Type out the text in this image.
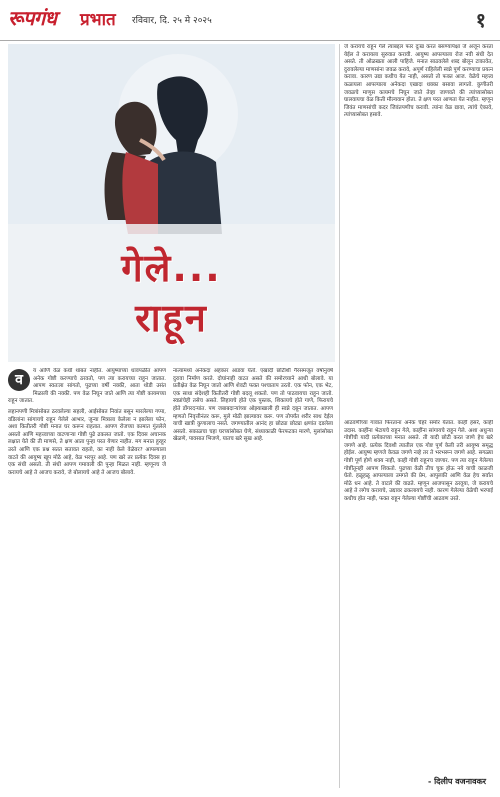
रूपगंध प्रभात रविवार, दि. २५ मे २०२५	१
गेले...
राहून

व
य आणि वेळ कधी थांबत नाहीत. आयुष्याच्या धावपळीत आपण अनेक गोष्टी करण्याचे ठरवतो, पण त्या करायच्या राहून जातात. आपण स्वतःला सांगतो, पुढच्या वर्षी नक्की, आता थोडी उसंत मिळाली की नक्की. पण वेळ निघून जाते आणि त्या गोष्टी कायमच्या राहून जातात.

लहानपणी मित्रांसोबत ठरवलेल्या सहली, आईसोबत निवांत बसून मारलेल्या गप्पा, वडिलांना सांगायचे राहून गेलेले आभार, जुन्या मित्राला केलेला न झालेला फोन, अशा कितीतरी गोष्टी मनात घर करून राहतात. आपण रोजच्या कामात गुंतलेले असतो आणि महत्त्वाच्या वाटणाऱ्या गोष्टी पुढे ढकलत जातो. एक दिवस अचानक लक्षात येते की ती माणसे, ते क्षण आता पुन्हा परत येणार नाहीत. मग मनात हुरहूर उरते आणि एक प्रश्न सतत सतावत राहतो, का नाही केले वेळेवर? आपल्याला वाटते की आयुष्य खूप मोठे आहे, वेळ भरपूर आहे. पण खरे तर प्रत्येक दिवस हा एक संधी असतो. ती संधी आपण गमावली की पुन्हा मिळत नाही. म्हणूनच जे करायचे आहे ते आजच करावे, जे बोलायचे आहे ते आजच बोलावे.

नात्यांमध्ये अनेकदा अहंकार आडवा येतो. एखादी छोटीशी गैरसमजूत वर्षानुवर्षे दुरावा निर्माण करते. दोघांनाही वाटत असते की समोरच्याने आधी बोलावे. या प्रतीक्षेत वेळ निघून जातो आणि शेवटी फक्त पश्चाताप उरतो. एक फोन, एक भेट, एक साधा संदेशही कितीतरी गोष्टी बदलू शकतो. पण तो पाठवायचा राहून जातो. स्वप्नांचेही तसेच असते. लिहायचे होते एक पुस्तक, शिकायचे होते गाणे, फिरायचे होते डोंगरदऱ्यांत. पण जबाबदाऱ्यांच्या ओझ्याखाली ही स्वप्ने दबून जातात. आपण म्हणतो निवृत्तीनंतर करू, मुले मोठी झाल्यावर करू. पण तोपर्यंत शरीर साथ देईल याची खात्री कुणालाच नसते. जगण्यातील आनंद हा छोट्या छोट्या क्षणांत दडलेला असतो. सकाळचा चहा घरच्यांसोबत घेणे, संध्याकाळी फेरफटका मारणे, मुलांसोबत खेळणे, पावसात भिजणे, यातच खरे सुख आहे.

जे करायचे राहून गेले त्याबद्दल फार दुःख करत बसण्यापेक्षा जे अजून करता येईल ते करायला सुरुवात करावी. आयुष्य आपल्याला रोज नवी संधी देत असते. ती ओळखता आली पाहिजे. मनात साठवलेले शब्द बोलून टाकावेत, दुरावलेल्या माणसांना जवळ करावे, अपूर्ण राहिलेली स्वप्ने पूर्ण करण्याचा प्रयत्न करावा. कारण उद्या कधीच येत नाही, असतो तो फक्त आज. वेळेचे महत्त्व कळायला आपल्याला अनेकदा एखादा धक्का बसावा लागतो. कुणीतरी जवळचे माणूस कायमचे निघून जाते तेव्हा जाणवते की त्यांच्यासोबत घालवायचा वेळ किती मौल्यवान होता. ते क्षण परत आणता येत नाहीत. म्हणून जिवंत माणसांची कदर जिवंतपणीच करावी. त्यांना वेळ द्यावा, त्यांचे ऐकावे, त्यांच्यासोबत हसावे.

आठवणींच्या गावात फिरताना अनेक चेहरे समोर येतात. काही हसरे, काही उदास. काहींना भेटायचे राहून गेले, काहींना सांगायचे राहून गेले. अशा अधुऱ्या गोष्टींची यादी प्रत्येकाच्या मनात असते. ती यादी छोटी करत जाणे हेच खरे जगणे आहे. प्रत्येक दिवशी त्यातील एक गोष्ट पूर्ण केली तरी आयुष्य समृद्ध होईल. आयुष्य म्हणजे केवळ जगणे नव्हे तर ते भरभरून जगणे आहे. सगळ्या गोष्टी पूर्ण होणे शक्य नाही, काही गोष्टी राहूनच जाणार. पण त्या राहून गेलेल्या गोष्टींतूनही आपण शिकतो. पुढच्या वेळी तीच चूक होऊ नये याची काळजी घेतो. हळूहळू आपल्याला उमगते की प्रेम, आपुलकी आणि वेळ हेच सर्वात मोठे धन आहे. ते वाटले की वाढते. म्हणून आजपासून ठरवूया, जे करायचे आहे ते लगेच करायचे, उद्यावर ढकलायचे नाही. कारण गेलेल्या वेळेची भरपाई कधीच होत नाही, फक्त राहून गेलेल्या गोष्टींची आठवण उरते.

- दिलीप वजनावकर
